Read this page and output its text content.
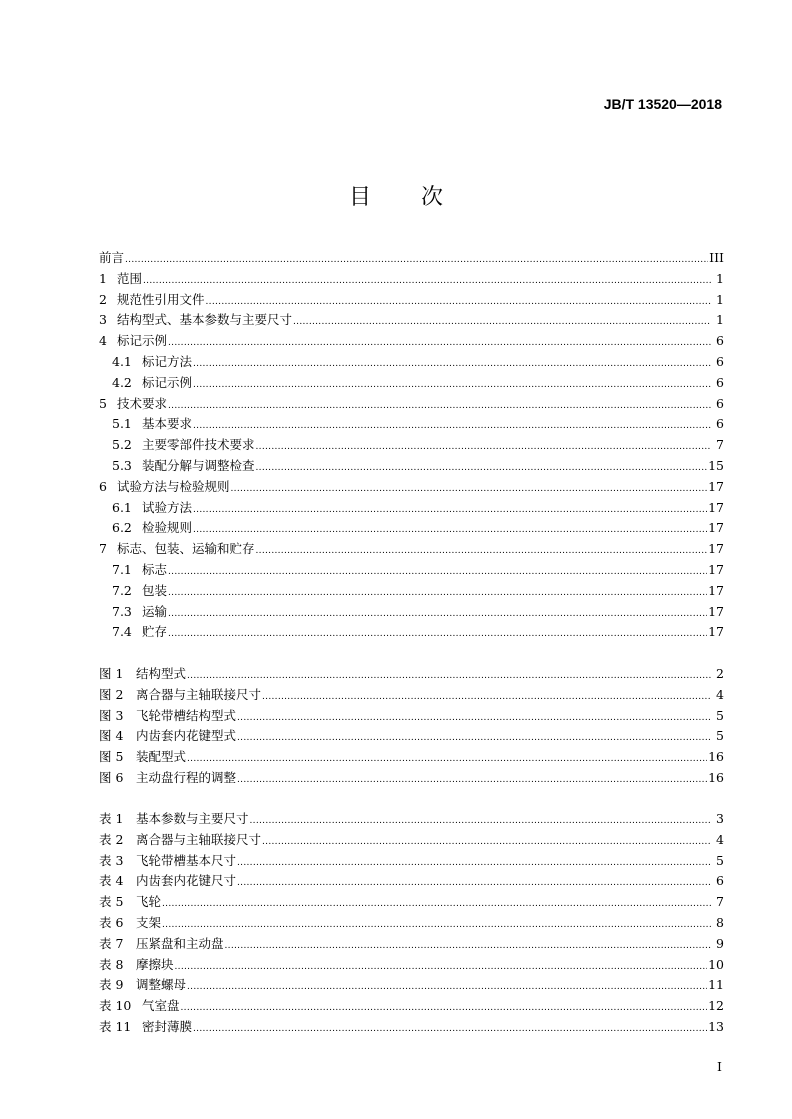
JB/T 13520—2018
目 次
前言 .....	III
1 范围 .....	1
2 规范性引用文件 .....	1
3 结构型式、基本参数与主要尺寸 .....	1
4 标记示例 .....	6
4.1 标记方法 .....	6
4.2 标记示例 .....	6
5 技术要求 .....	6
5.1 基本要求 .....	6
5.2 主要零部件技术要求 .....	7
5.3 装配分解与调整检查 .....	15
6 试验方法与检验规则 .....	17
6.1 试验方法 .....	17
6.2 检验规则 .....	17
7 标志、包装、运输和贮存 .....	17
7.1 标志 .....	17
7.2 包装 .....	17
7.3 运输 .....	17
7.4 贮存 .....	17
图 1	结构型式 .....	2
图 2	离合器与主轴联接尺寸 .....	4
图 3	飞轮带槽结构型式 .....	5
图 4	内齿套内花键型式 .....	5
图 5	装配型式 .....	16
图 6	主动盘行程的调整 .....	16
表 1	基本参数与主要尺寸 .....	3
表 2	离合器与主轴联接尺寸 .....	4
表 3	飞轮带槽基本尺寸 .....	5
表 4	内齿套内花键尺寸 .....	6
表 5	飞轮 .....	7
表 6	支架 .....	8
表 7	压紧盘和主动盘 .....	9
表 8	摩擦块 .....	10
表 9	调整螺母 .....	11
表 10 气室盘 .....	12
表 11 密封薄膜 .....	13
I
